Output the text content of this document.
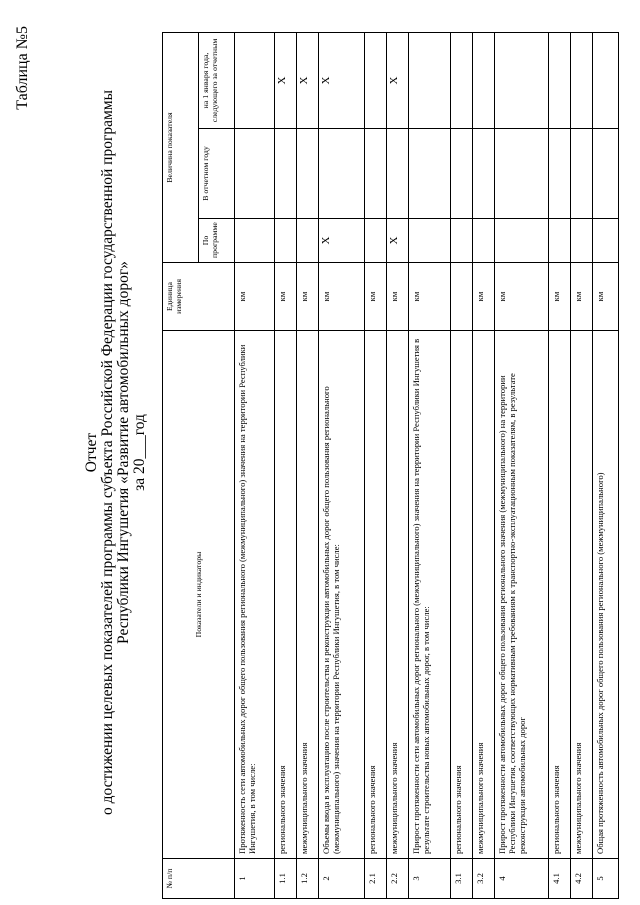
Таблица №5
Отчет о достижении целевых показателей программы субъекта Российской Федерации государственной программы Республики Ингушетия «Развитие автомобильных дорог» за 20___год
№ п/п	Показатели и индикаторы	Единица измерения	Величина показателя		
			По программе	В отчетном году	на 1 января года, следующего за отчетным
1	Протяженность сети автомобильных дорог общего пользования регионального (межмуниципального) значения на территории Республики Ингушетия, в том числе:	км			
1.1	регионального значения	км			X
1.2	межмуниципального значения	км			X
2	Объемы ввода в эксплуатацию после строительства и реконструкции автомобильных дорог общего пользования регионального (межмуниципального) значения на территории Республики Ингушетия, в том числе:	км	X		X
2.1	регионального значения	км			
2.2	межмуниципального значения	км	X		X
3	Прирост протяженности сети автомобильных дорог регионального (межмуниципального) значения на территории Республики Ингушетия в результате строительства новых автомобильных дорог, в том числе:	км			
3.1	регионального значения				
3.2	межмуниципального значения	км			
4	Прирост протяженности автомобильных дорог общего пользования регионального значения (межмуниципального) на территории Республики Ингушетия, соответствующих нормативным требованиям к транспортно-эксплуатационным показателям, в результате реконструкции автомобильных дорог	км			
4.1	регионального значения	км			
4.2	межмуниципального значения	км			
5	Общая протяженность автомобильных дорог общего пользования регионального (межмуниципального)	км			
